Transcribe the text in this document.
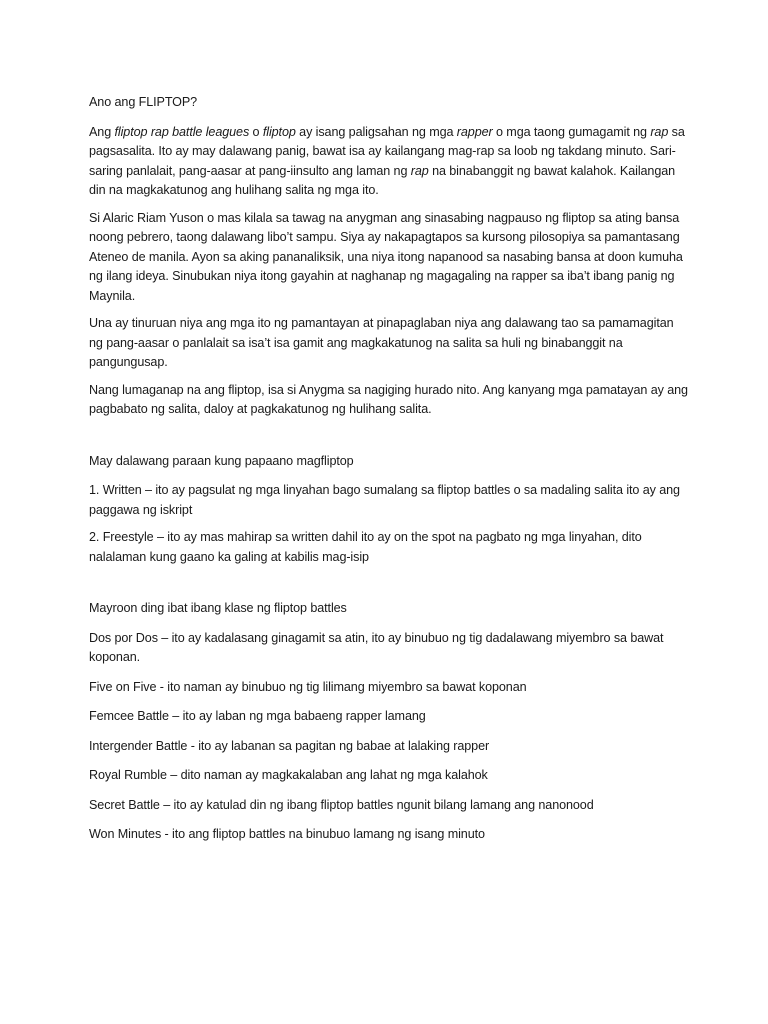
Ano ang FLIPTOP?

Ang fliptop rap battle leagues o fliptop ay isang paligsahan ng mga rapper o mga taong gumagamit ng rap sa pagsasalita. Ito ay may dalawang panig, bawat isa ay kailangang mag-rap sa loob ng takdang minuto. Sari-saring panlalait, pang-aasar at pang-iinsulto ang laman ng rap na binabanggit ng bawat kalahok. Kailangan din na magkakatunog ang hulihang salita ng mga ito.

Si Alaric Riam Yuson o mas kilala sa tawag na anygman ang sinasabing nagpauso ng fliptop sa ating bansa noong pebrero, taong dalawang libo’t sampu. Siya ay nakapagtapos sa kursong pilosopiya sa pamantasang Ateneo de manila. Ayon sa aking pananaliksik, una niya itong napanood sa nasabing bansa at doon kumuha ng ilang ideya. Sinubukan niya itong gayahin at naghanap ng magagaling na rapper sa iba’t ibang panig ng Maynila.

Una ay tinuruan niya ang mga ito ng pamantayan at pinapaglaban niya ang dalawang tao sa pamamagitan ng pang-aasar o panlalait sa isa’t isa gamit ang magkakatunog na salita sa huli ng binabanggit na pangungusap.

Nang lumaganap na ang fliptop, isa si Anygma sa nagiging hurado nito. Ang kanyang mga pamatayan ay ang pagbabato ng salita, daloy at pagkakatunog ng hulihang salita.

May dalawang paraan kung papaano magfliptop

1. Written – ito ay pagsulat ng mga linyahan bago sumalang sa fliptop battles o sa madaling salita ito ay ang paggawa ng iskript

2. Freestyle – ito ay mas mahirap sa written dahil ito ay on the spot na pagbato ng mga linyahan, dito nalalaman kung gaano ka galing at kabilis mag-isip

Mayroon ding ibat ibang klase ng fliptop battles

Dos por Dos – ito ay kadalasang ginagamit sa atin, ito ay binubuo ng tig dadalawang miyembro sa bawat koponan.

Five on Five - ito naman ay binubuo ng tig lilimang miyembro sa bawat koponan

Femcee Battle – ito ay laban ng mga babaeng rapper lamang

Intergender Battle - ito ay labanan sa pagitan ng babae at lalaking rapper

Royal Rumble – dito naman ay magkakalaban ang lahat ng mga kalahok

Secret Battle – ito ay katulad din ng ibang fliptop battles ngunit bilang lamang ang nanonood

Won Minutes - ito ang fliptop battles na binubuo lamang ng isang minuto
